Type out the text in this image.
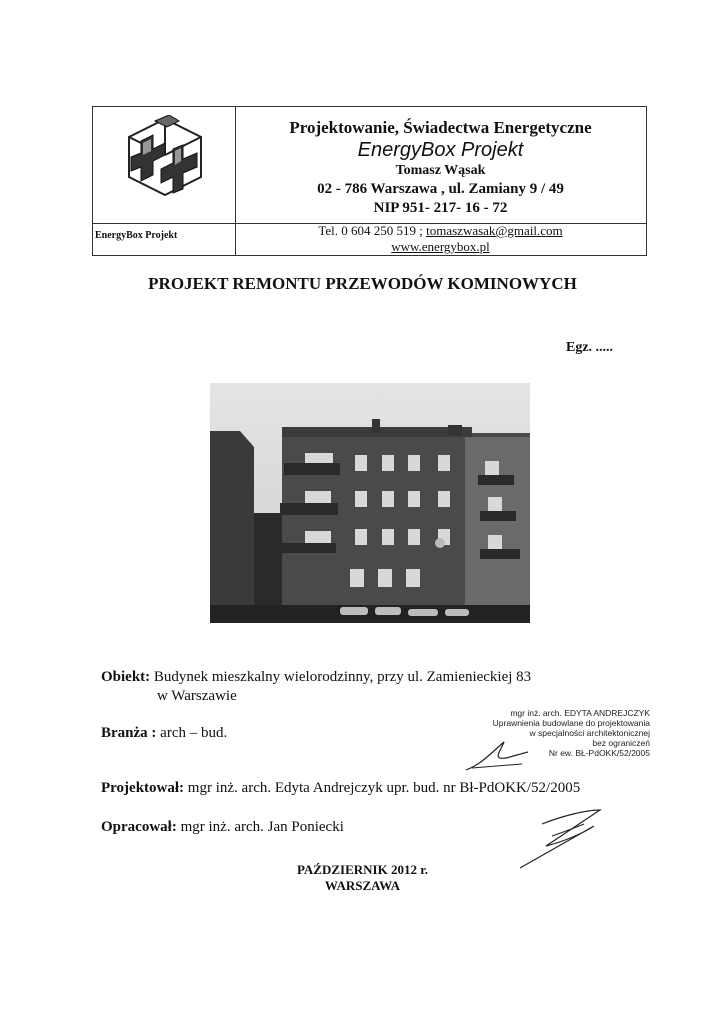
EnergyBox Projekt
Projektowanie, Świadectwa Energetyczne
EnergyBox Projekt
Tomasz Wąsak
02 - 786 Warszawa , ul. Zamiany 9 / 49
NIP 951- 217- 16 - 72
Tel. 0 604 250 519 ; tomaszwasak@gmail.com
www.energybox.pl
PROJEKT REMONTU PRZEWODÓW KOMINOWYCH
Egz. .....
Obiekt: Budynek mieszkalny wielorodzinny, przy ul. Zamienieckiej 83
w Warszawie
Branża : arch – bud.
mgr inż. arch. EDYTA ANDREJCZYK
Uprawnienia budowlane do projektowania
w specjalności architektonicznej
bez ograniczeń
Nr ew. BŁ-PdOKK/52/2005
Projektował: mgr inż. arch. Edyta Andrejczyk upr. bud. nr Bł-PdOKK/52/2005
Opracował: mgr inż. arch. Jan Poniecki
PAŹDZIERNIK 2012 r.
WARSZAWA
